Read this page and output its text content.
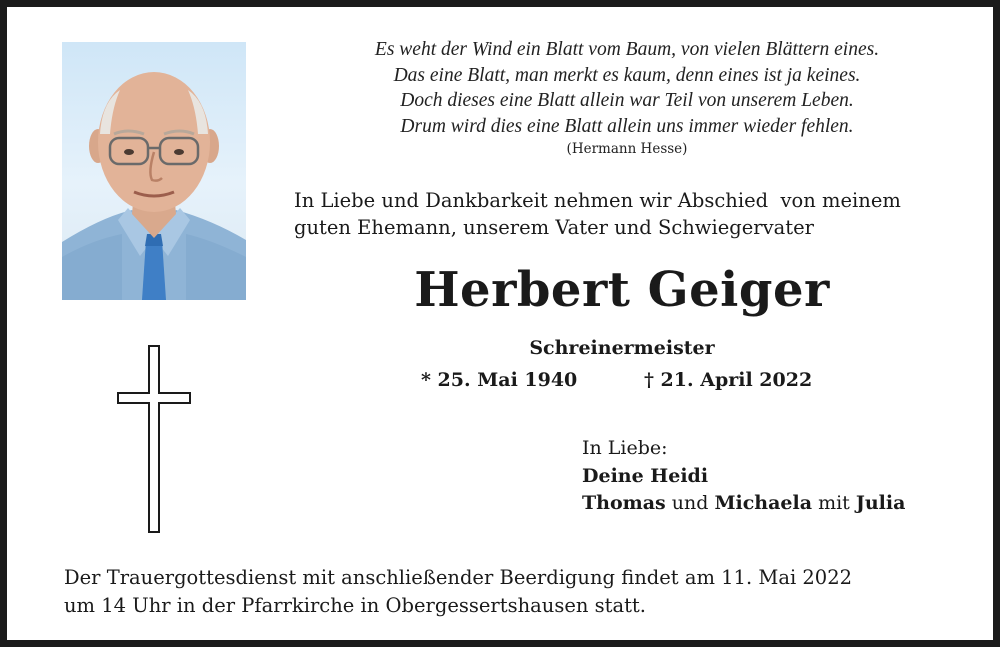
Es weht der Wind ein Blatt vom Baum, von vielen Blättern eines.
Das eine Blatt, man merkt es kaum, denn eines ist ja keines.
Doch dieses eine Blatt allein war Teil von unserem Leben.
Drum wird dies eine Blatt allein uns immer wieder fehlen.
(Hermann Hesse)
In Liebe und Dankbarkeit nehmen wir Abschied  von meinem
guten Ehemann, unserem Vater und Schwiegervater
Herbert Geiger
Schreinermeister
* 25. Mai 1940	† 21. April 2022
In Liebe:
Deine Heidi
Thomas und Michaela mit Julia
Der Trauergottesdienst mit anschließender Beerdigung findet am 11. Mai 2022
um 14 Uhr in der Pfarrkirche in Obergessertshausen statt.
